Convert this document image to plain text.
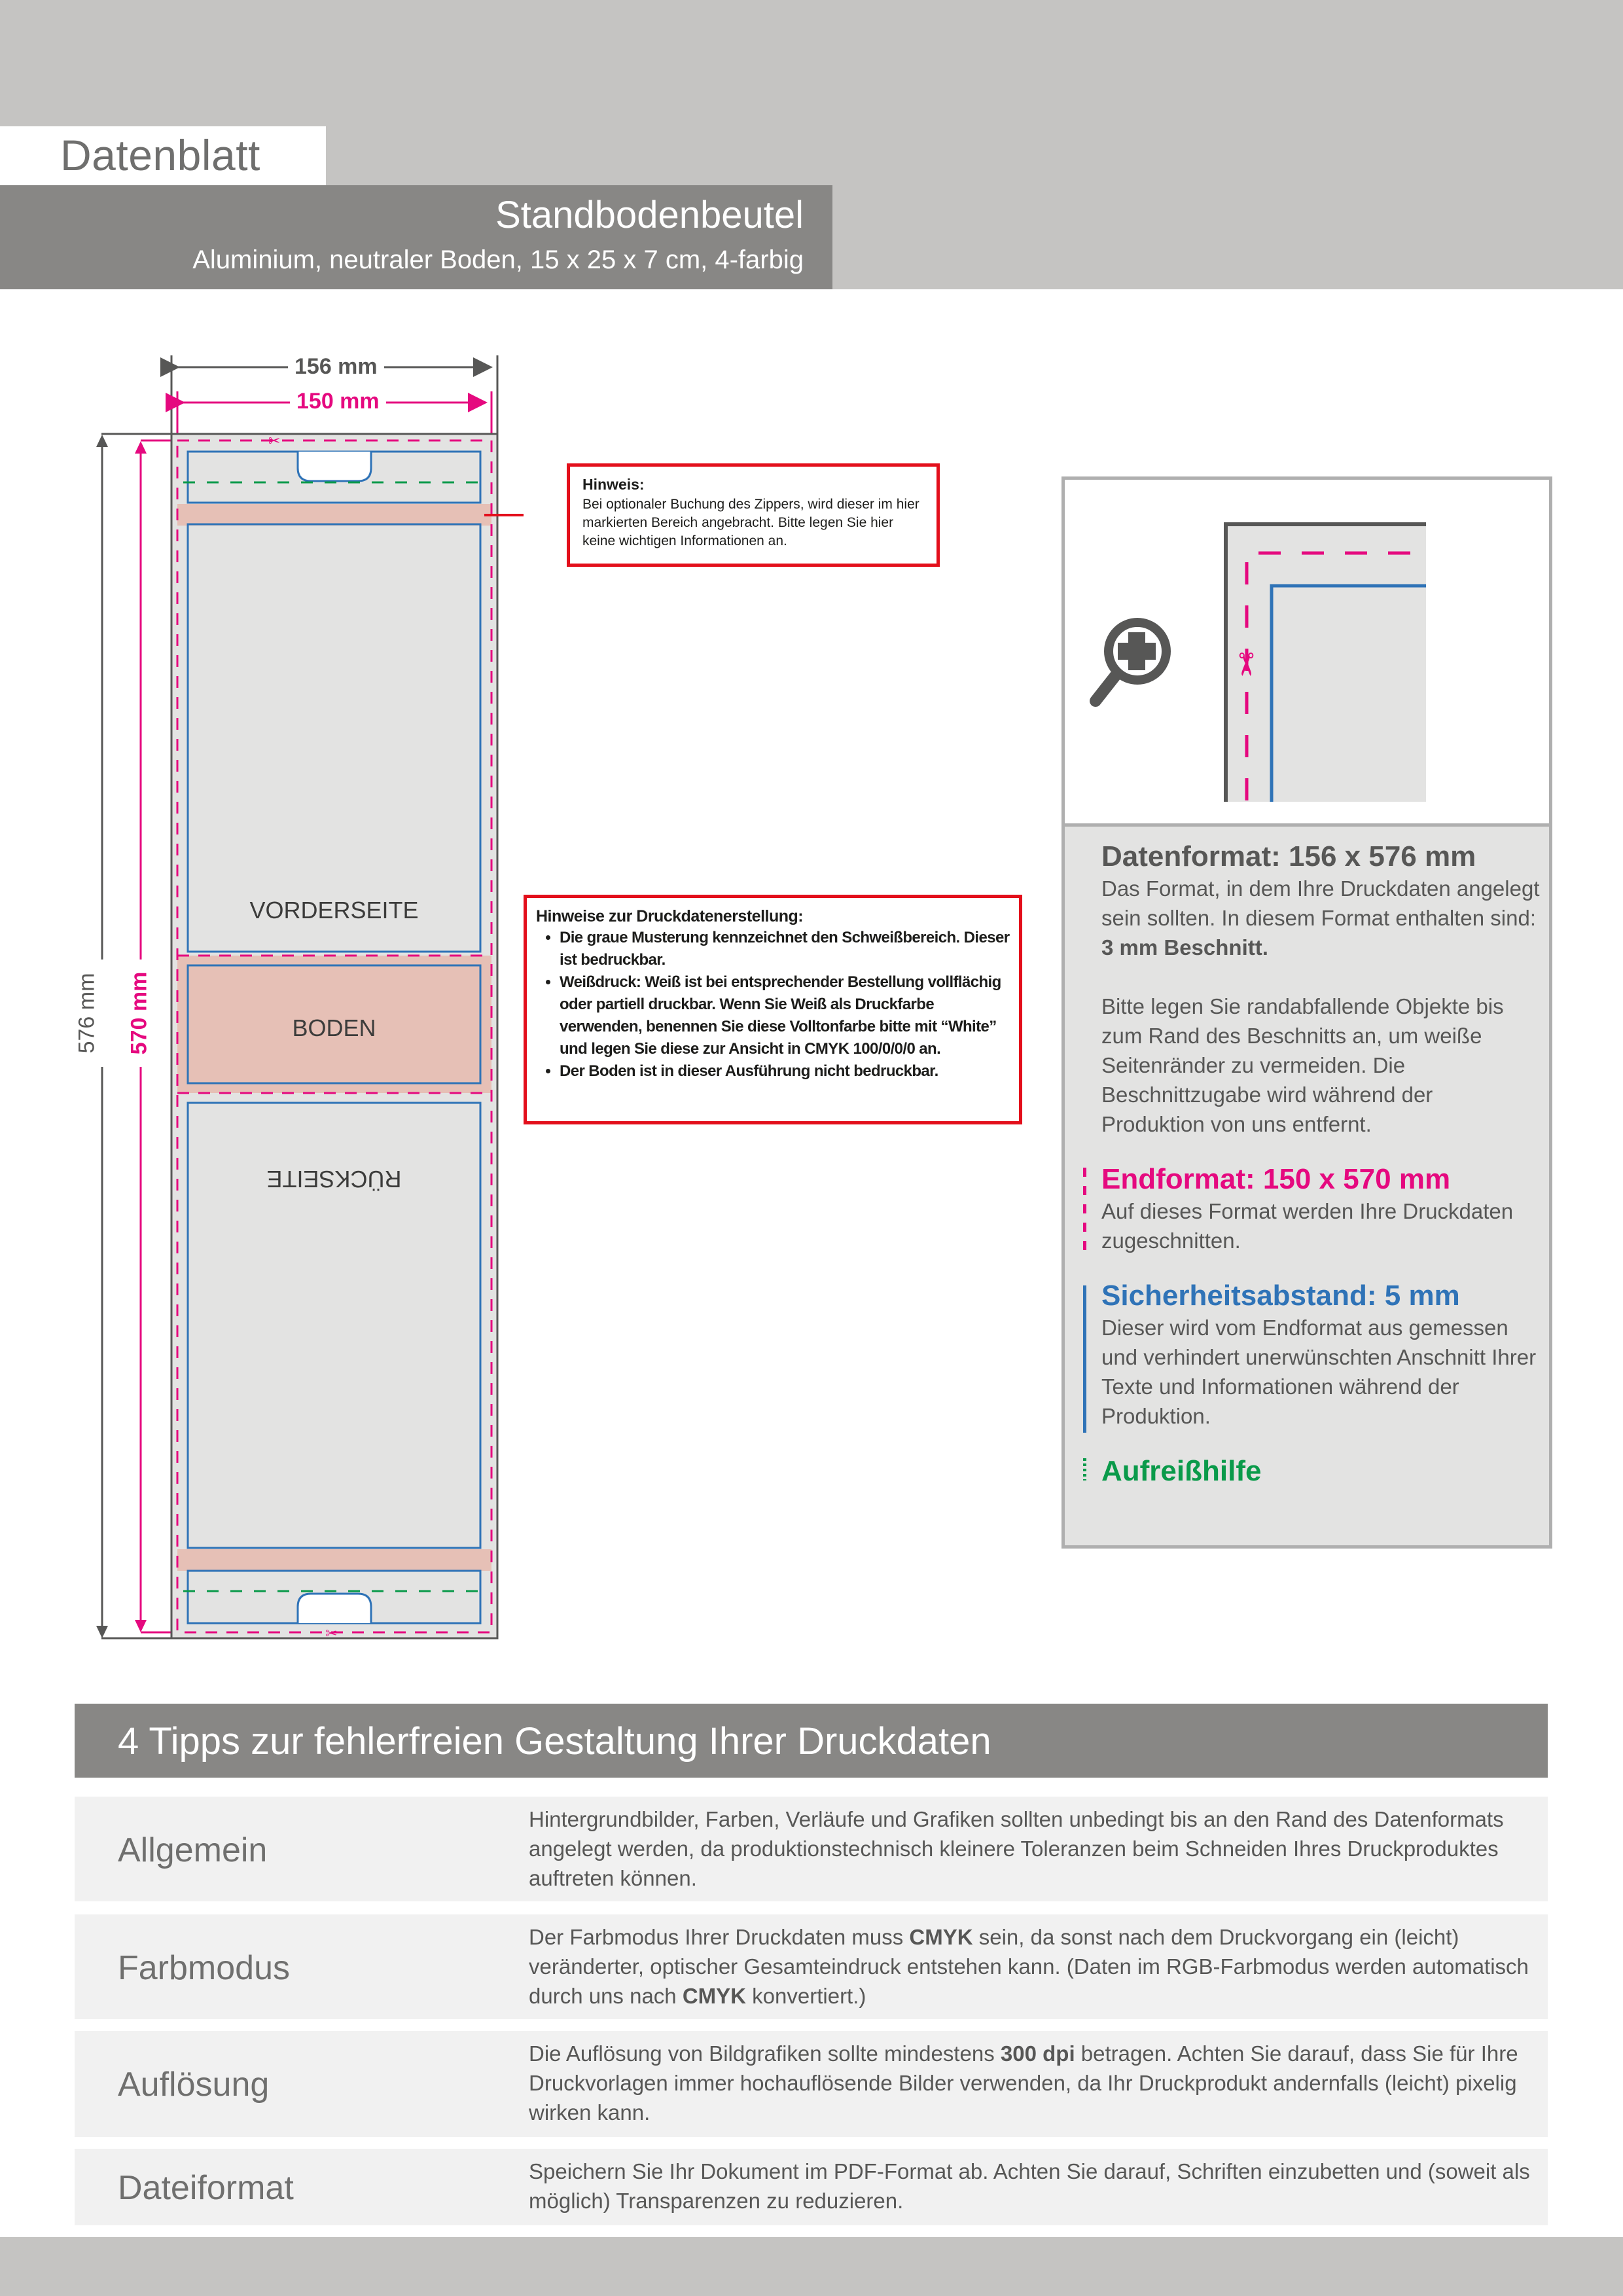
Datenblatt
Standbodenbeutel
Aluminium, neutraler Boden, 15 x 25 x 7 cm, 4-farbig
✂
✂
156 mm
150 mm
576 mm 570 mm
VORDERSEITE
BODEN
RÜCKSEITE
Hinweis:
Bei optionaler Buchung des Zippers, wird dieser im hier markierten Bereich angebracht. Bitte legen Sie hier keine wichtigen Informationen an.
Hinweise zur Druckdatenerstellung:
• Die graue Musterung kennzeichnet den Schweißbereich. Dieser ist bedruckbar.
• Weißdruck: Weiß ist bei entsprechender Bestellung vollflächig oder partiell druckbar. Wenn Sie Weiß als Druckfarbe verwenden, benennen Sie diese Volltonfarbe bitte mit “White” und legen Sie diese zur Ansicht in CMYK 100/0/0/0 an.
• Der Boden ist in dieser Ausführung nicht bedruckbar.
✂
Datenformat: 156 x 576 mm
Das Format, in dem Ihre Druckdaten angelegt sein sollten. In diesem Format enthalten sind: 3 mm Beschnitt.
Bitte legen Sie randabfallende Objekte bis zum Rand des Beschnitts an, um weiße Seitenränder zu vermeiden. Die Beschnittzugabe wird während der Produktion von uns entfernt.
Endformat: 150 x 570 mm
Auf dieses Format werden Ihre Druckdaten zugeschnitten.
Sicherheitsabstand: 5 mm
Dieser wird vom Endformat aus gemessen und verhindert unerwünschten Anschnitt Ihrer Texte und Informationen während der Produktion.
Aufreißhilfe
4 Tipps zur fehlerfreien Gestaltung Ihrer Druckdaten
Allgemein
Hintergrundbilder, Farben, Verläufe und Grafiken sollten unbedingt bis an den Rand des Datenformats angelegt werden, da produktionstechnisch kleinere Toleranzen beim Schneiden Ihres Druckproduktes auftreten können.
Farbmodus
Der Farbmodus Ihrer Druckdaten muss CMYK sein, da sonst nach dem Druckvorgang ein (leicht) veränderter, optischer Gesamteindruck entstehen kann. (Daten im RGB-Farbmodus werden automatisch durch uns nach CMYK konvertiert.)
Auflösung
Die Auflösung von Bildgrafiken sollte mindestens 300 dpi betragen. Achten Sie darauf, dass Sie für Ihre Druckvorlagen immer hochauflösende Bilder verwenden, da Ihr Druckprodukt andernfalls (leicht) pixelig wirken kann.
Dateiformat	Speichern Sie Ihr Dokument im PDF-Format ab. Achten Sie darauf, Schriften einzubetten und (soweit als möglich) Transparenzen zu reduzieren.
